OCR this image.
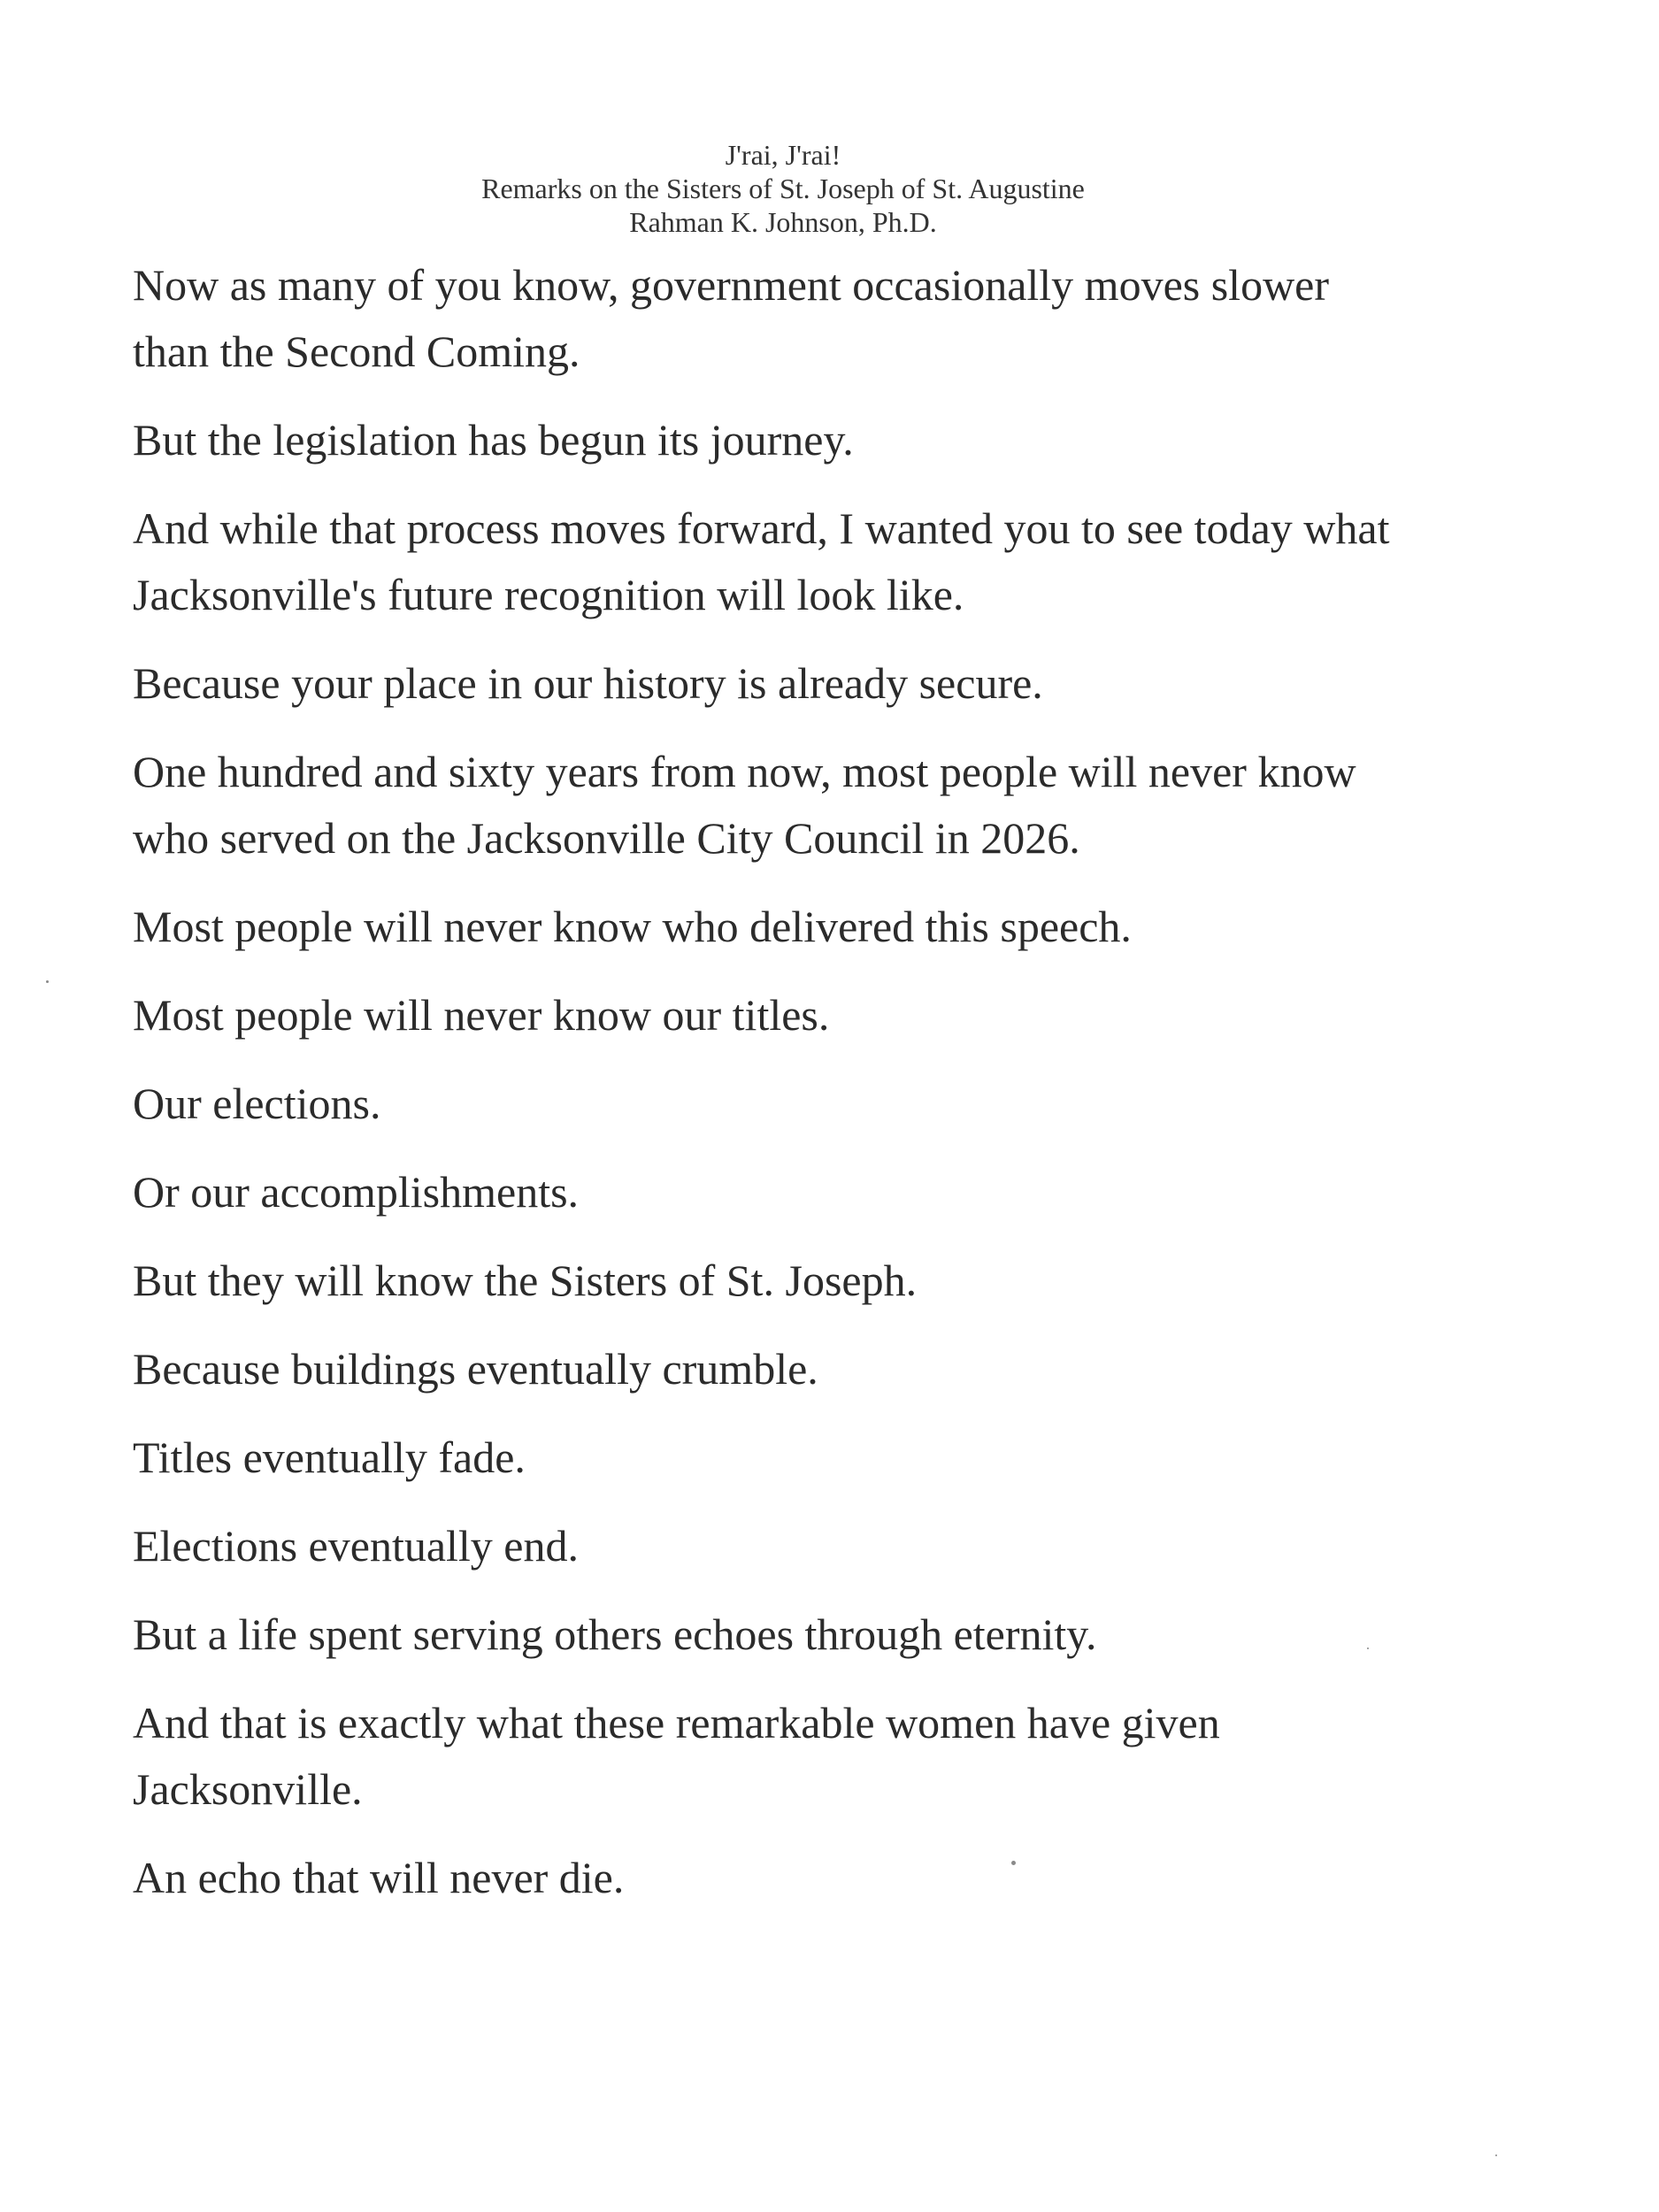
J'rai, J'rai!
Remarks on the Sisters of St. Joseph of St. Augustine
Rahman K. Johnson, Ph.D.

Now as many of you know, government occasionally moves slower than the Second Coming.

But the legislation has begun its journey.

And while that process moves forward, I wanted you to see today what Jacksonville's future recognition will look like.

Because your place in our history is already secure.

One hundred and sixty years from now, most people will never know who served on the Jacksonville City Council in 2026.

Most people will never know who delivered this speech.

Most people will never know our titles.

Our elections.

Or our accomplishments.

But they will know the Sisters of St. Joseph.

Because buildings eventually crumble.

Titles eventually fade.

Elections eventually end.

But a life spent serving others echoes through eternity.

And that is exactly what these remarkable women have given Jacksonville.

An echo that will never die.
